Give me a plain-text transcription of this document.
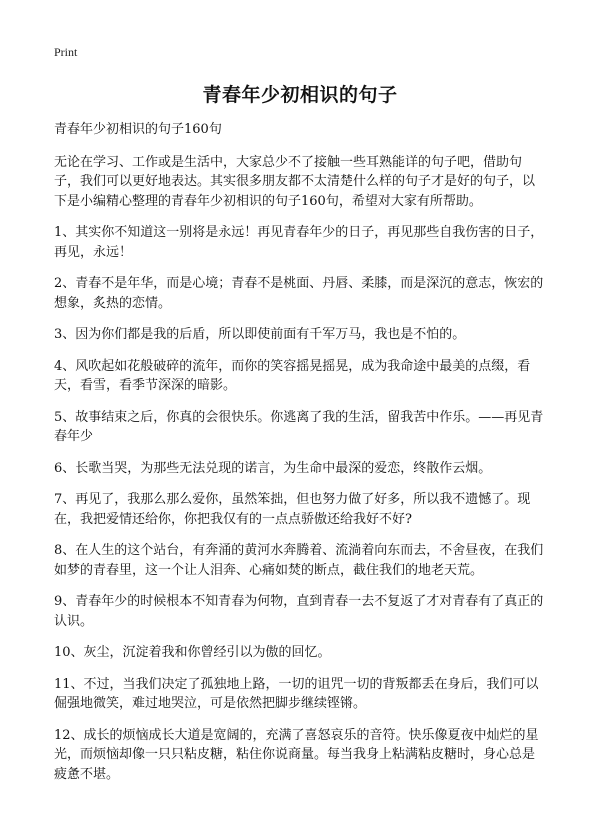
Print
青春年少初相识的句子

青春年少初相识的句子160句

无论在学习、工作或是生活中，大家总少不了接触一些耳熟能详的句子吧，借助句子，我们可以更好地表达。其实很多朋友都不太清楚什么样的句子才是好的句子，以下是小编精心整理的青春年少初相识的句子160句，希望对大家有所帮助。

1、其实你不知道这一别将是永远！再见青春年少的日子，再见那些自我伤害的日子，再见，永远！

2、青春不是年华，而是心境；青春不是桃面、丹唇、柔膝，而是深沉的意志，恢宏的想象，炙热的恋情。

3、因为你们都是我的后盾，所以即使前面有千军万马，我也是不怕的。

4、风吹起如花般破碎的流年，而你的笑容摇晃摇晃，成为我命途中最美的点缀，看天，看雪，看季节深深的暗影。

5、故事结束之后，你真的会很快乐。你逃离了我的生活，留我苦中作乐。——再见青春年少

6、长歌当哭，为那些无法兑现的诺言，为生命中最深的爱恋，终散作云烟。

7、再见了，我那么那么爱你，虽然笨拙，但也努力做了好多，所以我不遗憾了。现在，我把爱情还给你，你把我仅有的一点点骄傲还给我好不好?

8、在人生的这个站台，有奔涌的黄河水奔腾着、流淌着向东而去，不舍昼夜，在我们如梦的青春里，这一个让人泪奔、心痛如焚的断点，截住我们的地老天荒。

9、青春年少的时候根本不知青春为何物，直到青春一去不复返了才对青春有了真正的认识。

10、灰尘，沉淀着我和你曾经引以为傲的回忆。

11、不过，当我们决定了孤独地上路，一切的诅咒一切的背叛都丢在身后，我们可以倔强地微笑，难过地哭泣，可是依然把脚步继续铿锵。

12、成长的烦恼成长大道是宽阔的，充满了喜怒哀乐的音符。快乐像夏夜中灿烂的星光，而烦恼却像一只只粘皮糖，粘住你说商量。每当我身上粘满粘皮糖时，身心总是疲惫不堪。
